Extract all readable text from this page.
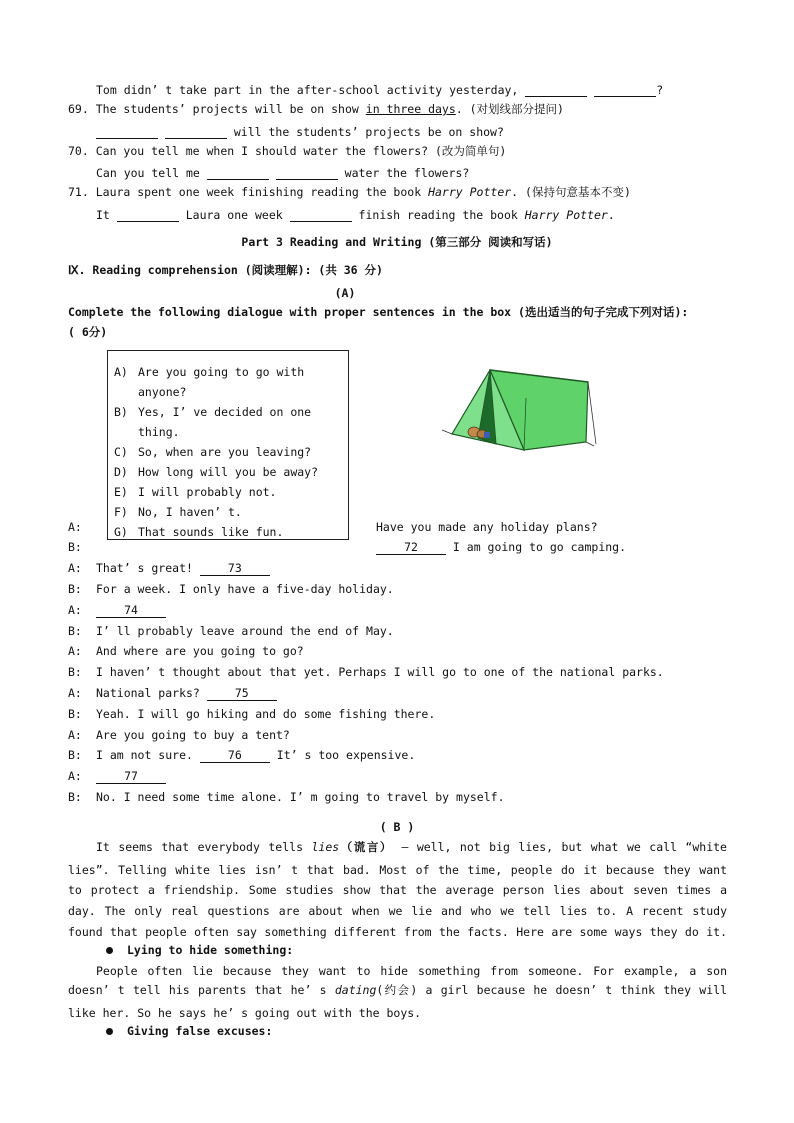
Tom didn’ t take part in the after-school activity yesterday,	?
69. The students’ projects will be on show in three days. (对划线部分提问)
will the students’ projects be on show?
70. Can you tell me when I should water the flowers? (改为简单句)
Can you tell me	water the flowers?
71. Laura spent one week finishing reading the book Harry Potter. (保持句意基本不变)
It	Laura one week	finish reading the book Harry Potter.
Part 3 Reading and Writing (第三部分 阅读和写话)
Ⅸ. Reading comprehension (阅读理解): (共 36 分)
(A)
Complete the following dialogue with proper sentences in the box (选出适当的句子完成下列对话):
( 6分)
A) Are you going to go with
anyone?
B) Yes, I’ ve decided on one
thing.
C) So, when are you leaving?
D) How long will you be away?
E) I will probably not.
F) No, I haven’ t.
G) That sounds like fun.
A:	Have you made any holiday plans?
B:	72 I am going to go camping.
A: That’ s great! 73
B: For a week. I only have a five-day holiday.
A:	74
B: I’ ll probably leave around the end of May.
A: And where are you going to go?
B: I haven’ t thought about that yet. Perhaps I will go to one of the national parks.
A: National parks? 75
B: Yeah. I will go hiking and do some fishing there.
A: Are you going to buy a tent?
B: I am not sure. 76 It’ s too expensive.
A:	77
B: No. I need some time alone. I’ m going to travel by myself.
( B )
It seems that everybody tells lies（谎言） — well, not big lies, but what we call “white
lies”. Telling white lies isn’ t that bad. Most of the time, people do it because they want
to protect a friendship. Some studies show that the average person lies about seven times a
day. The only real questions are about when we lie and who we tell lies to. A recent study
found that people often say something different from the facts. Here are some ways they do it.
Lying to hide something:
People often lie because they want to hide something from someone. For example, a son
doesn’ t tell his parents that he’ s dating(约会) a girl because he doesn’ t think they will
like her. So he says he’ s going out with the boys.
Giving false excuses:
